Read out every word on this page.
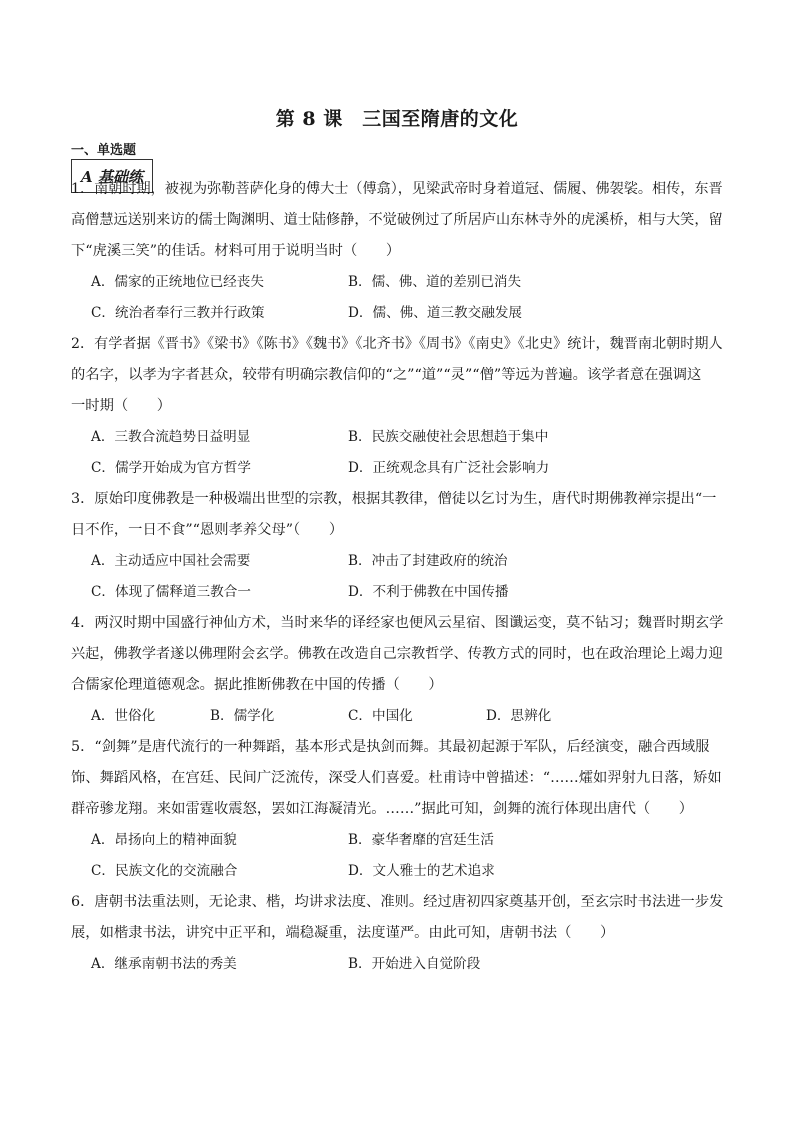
第 8 课　三国至隋唐的文化
一、单选题
A 基础练
1．南朝时期，被视为弥勒菩萨化身的傅大士（傅翕），见梁武帝时身着道冠、儒履、佛袈裟。相传，东晋
高僧慧远送别来访的儒士陶渊明、道士陆修静，不觉破例过了所居庐山东林寺外的虎溪桥，相与大笑，留
下“虎溪三笑”的佳话。材料可用于说明当时（　　）
A．儒家的正统地位已经丧失	B．儒、佛、道的差别已消失
C．统治者奉行三教并行政策	D．儒、佛、道三教交融发展
2．有学者据《晋书》《梁书》《陈书》《魏书》《北齐书》《周书》《南史》《北史》统计，魏晋南北朝时期人
的名字，以孝为字者甚众，较带有明确宗教信仰的“之”“道”“灵”“僧”等远为普遍。该学者意在强调这
一时期（　　）
A．三教合流趋势日益明显	B．民族交融使社会思想趋于集中
C．儒学开始成为官方哲学	D．正统观念具有广泛社会影响力
3．原始印度佛教是一种极端出世型的宗教，根据其教律，僧徒以乞讨为生，唐代时期佛教禅宗提出“一
日不作，一日不食”“恩则孝养父母”（　　）
A．主动适应中国社会需要	B．冲击了封建政府的统治
C．体现了儒释道三教合一	D．不利于佛教在中国传播
4．两汉时期中国盛行神仙方术，当时来华的译经家也便风云星宿、图谶运变，莫不钻习；魏晋时期玄学
兴起，佛教学者遂以佛理附会玄学。佛教在改造自己宗教哲学、传教方式的同时，也在政治理论上竭力迎
合儒家伦理道德观念。据此推断佛教在中国的传播（　　）
A．世俗化	B．儒学化	C．中国化	D．思辨化
5．“剑舞”是唐代流行的一种舞蹈，基本形式是执剑而舞。其最初起源于军队，后经演变，融合西域服
饰、舞蹈风格，在宫廷、民间广泛流传，深受人们喜爱。杜甫诗中曾描述：“……㸌如羿射九日落，矫如
群帝骖龙翔。来如雷霆收震怒，罢如江海凝清光。……”据此可知，剑舞的流行体现出唐代（　　）
A．昂扬向上的精神面貌	B．豪华奢靡的宫廷生活
C．民族文化的交流融合	D．文人雅士的艺术追求
6．唐朝书法重法则，无论隶、楷，均讲求法度、准则。经过唐初四家奠基开创，至玄宗时书法进一步发
展，如楷隶书法，讲究中正平和，端稳凝重，法度谨严。由此可知，唐朝书法（　　）
A．继承南朝书法的秀美	B．开始进入自觉阶段
